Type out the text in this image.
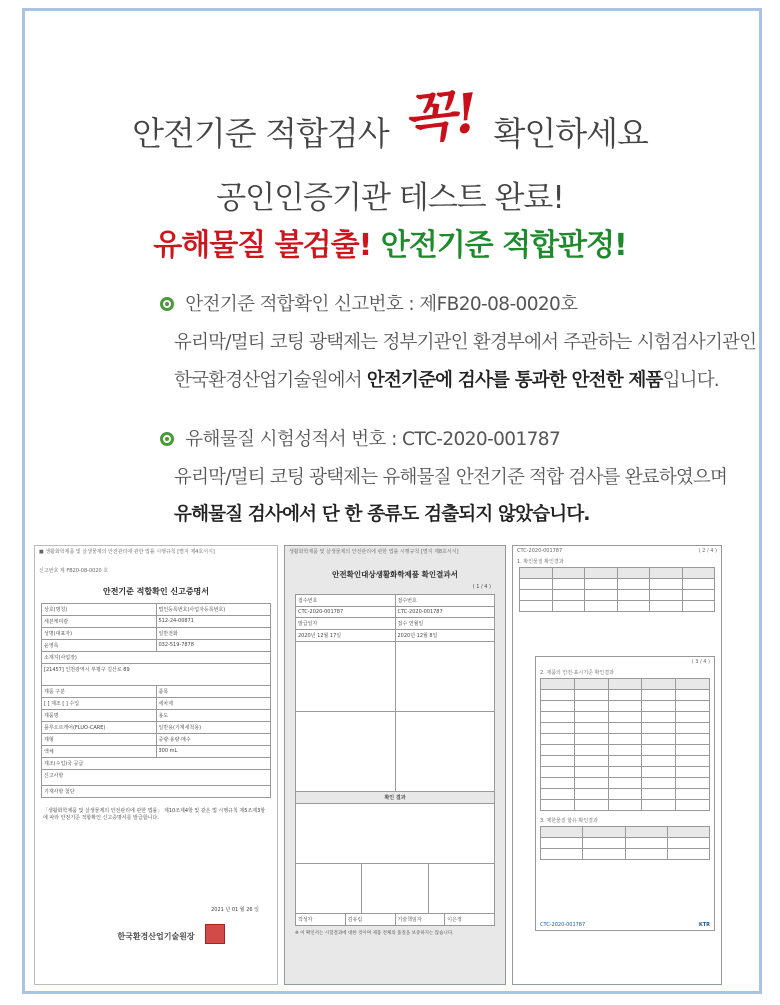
안전기준 적합검사 꼭! 확인하세요
공인인증기관 테스트 완료!
유해물질 불검출! 안전기준 적합판정!
안전기준 적합확인 신고번호 : 제FB20-08-0020호
유리막/멀티 코팅 광택제는 정부기관인 환경부에서 주관하는 시험검사기관인
한국환경산업기술원에서 안전기준에 검사를 통과한 안전한 제품입니다.
유해물질 시험성적서 번호 : CTC-2020-001787
유리막/멀티 코팅 광택제는 유해물질 안전기준 적합 검사를 완료하였으며
유해물질 검사에서 단 한 종류도 검출되지 않았습니다.
■ 생활화학제품 및 살생물제의 안전관리에 관한 법률 시행규칙 [별지 제4호서식]
신고번호 제 FB20-08-0020 호
안전기준 적합확인 신고증명서
상호(명칭)	법인등록번호(사업자등록번호)
세븐케미칼	512-24-00871
성명(대표자)	일반전화
윤영록	032-519-7878
소재지(사업장)
[21457] 인천광역시 부평구 길산로 89
제품 구분	품목
[ ] 제조 [ ] 수입	세차제
제품명	용도
플루오르캐어(FLUO-CARE)	일반용(기계세척용)
제형	중량·용량·매수
액체	300 mL
제조(수입)국 공급
신고사항
기재사항 첨단
「생활화학제품 및 살생물제의 안전관리에 관한 법률」 제10조제4항 및 같은 법 시행규칙 제5조제3항에 따라 안전기준 적합확인 신고증명서를 발급합니다.
2021 년 01 월 26 일
한국환경산업기술원장
생활화학제품 및 살생물제의 안전관리에 관한 법률 시행규칙 [별지 제8호서식]
안전확인대상생활화학제품 확인결과서
( 1 / 4 )
접수번호	접수번호
CTC-2020-001787	CTC-2020-001787
발급일자	접수 연월일
2020년 12월 17일	2020년 12월 8일
확인 결과
작성자	김유림	기술책임자	이은정
※ 이 확인서는 시험결과에 대한 것이며 제품 전체의 품질을 보증하지는 않습니다.
CTC-2020-001787	( 2 / 4 )
1. 확인물질 확인결과
( 3 / 4 )
2. 제품의 안전·표시기준 확인결과
3. 제한물질 함유 확인결과
CTC-2020-001787	KTR
